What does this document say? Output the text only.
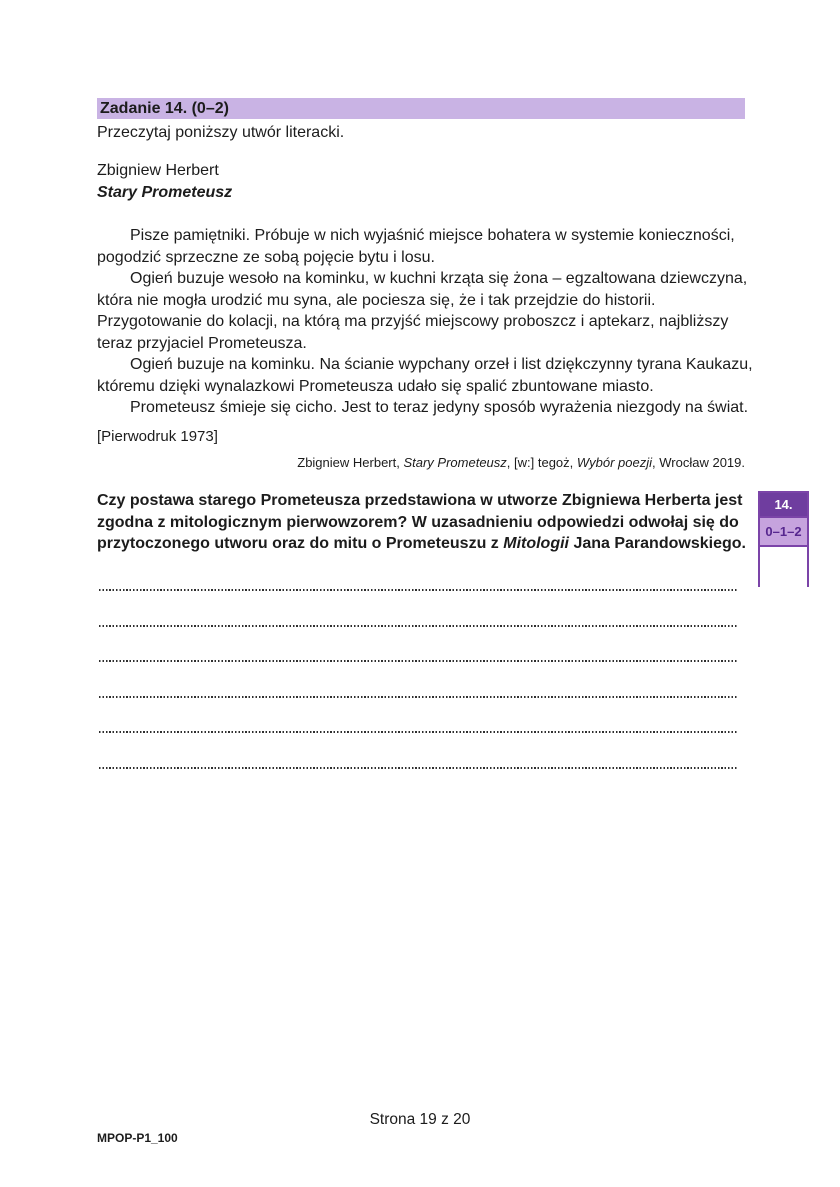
Zadanie 14. (0–2)
Przeczytaj poniższy utwór literacki.
Zbigniew Herbert
Stary Prometeusz
Pisze pamiętniki. Próbuje w nich wyjaśnić miejsce bohatera w systemie konieczności,
pogodzić sprzeczne ze sobą pojęcie bytu i losu.
Ogień buzuje wesoło na kominku, w kuchni krząta się żona – egzaltowana dziewczyna,
która nie mogła urodzić mu syna, ale pociesza się, że i tak przejdzie do historii.
Przygotowanie do kolacji, na którą ma przyjść miejscowy proboszcz i aptekarz, najbliższy
teraz przyjaciel Prometeusza.
Ogień buzuje na kominku. Na ścianie wypchany orzeł i list dziękczynny tyrana Kaukazu,
któremu dzięki wynalazkowi Prometeusza udało się spalić zbuntowane miasto.
Prometeusz śmieje się cicho. Jest to teraz jedyny sposób wyrażenia niezgody na świat.
[Pierwodruk 1973]
Zbigniew Herbert, Stary Prometeusz, [w:] tegoż, Wybór poezji, Wrocław 2019.
Czy postawa starego Prometeusza przedstawiona w utworze Zbigniewa Herberta jest
zgodna z mitologicznym pierwowzorem? W uzasadnieniu odpowiedzi odwołaj się do
przytoczonego utworu oraz do mitu o Prometeuszu z Mitologii Jana Parandowskiego.
14.
0–1–2
Strona 19 z 20
MPOP-P1_100
